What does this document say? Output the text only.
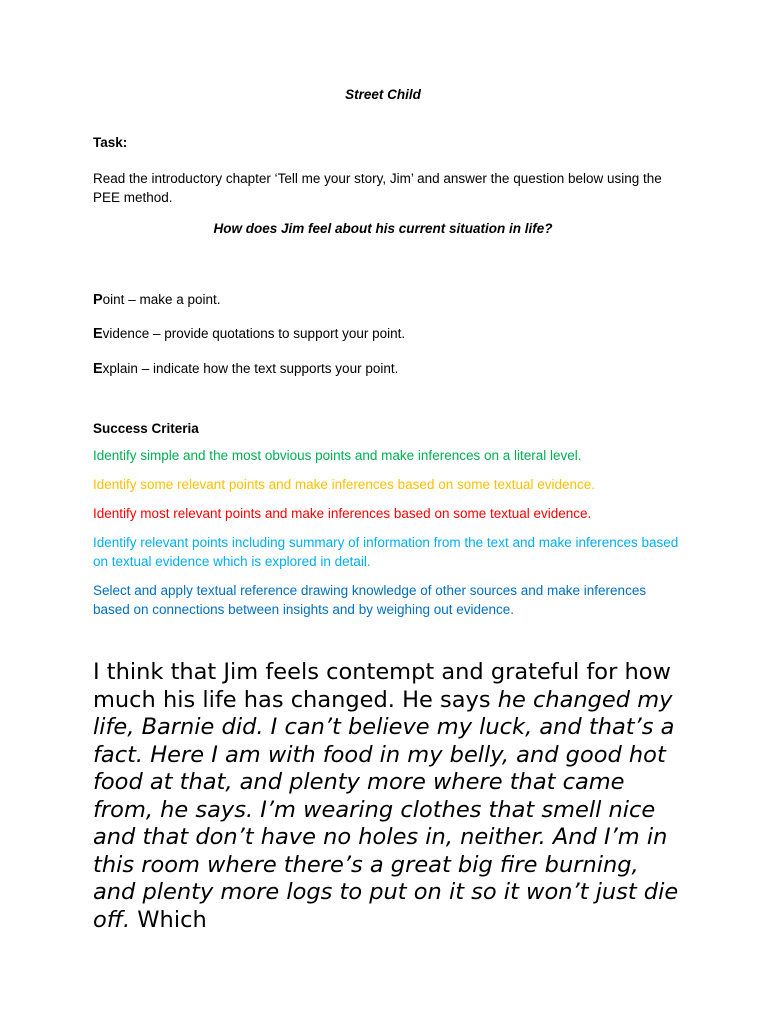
Street Child
Task:
Read the introductory chapter ‘Tell me your story, Jim’ and answer the question below using the PEE method.
How does Jim feel about his current situation in life?
Point – make a point.
Evidence – provide quotations to support your point.
Explain – indicate how the text supports your point.
Success Criteria
Identify simple and the most obvious points and make inferences on a literal level.
Identify some relevant points and make inferences based on some textual evidence.
Identify most relevant points and make inferences based on some textual evidence.
Identify relevant points including summary of information from the text and make inferences based on textual evidence which is explored in detail.
Select and apply textual reference drawing knowledge of other sources and make inferences based on connections between insights and by weighing out evidence.
I think that Jim feels contempt and grateful for how much his life has changed. He says he changed my life, Barnie did. I can’t believe my luck, and that’s a fact. Here I am with food in my belly, and good hot food at that, and plenty more where that came from, he says. I’m wearing clothes that smell nice and that don’t have no holes in, neither. And I’m in this room where there’s a great big fire burning, and plenty more logs to put on it so it won’t just die off. Which
